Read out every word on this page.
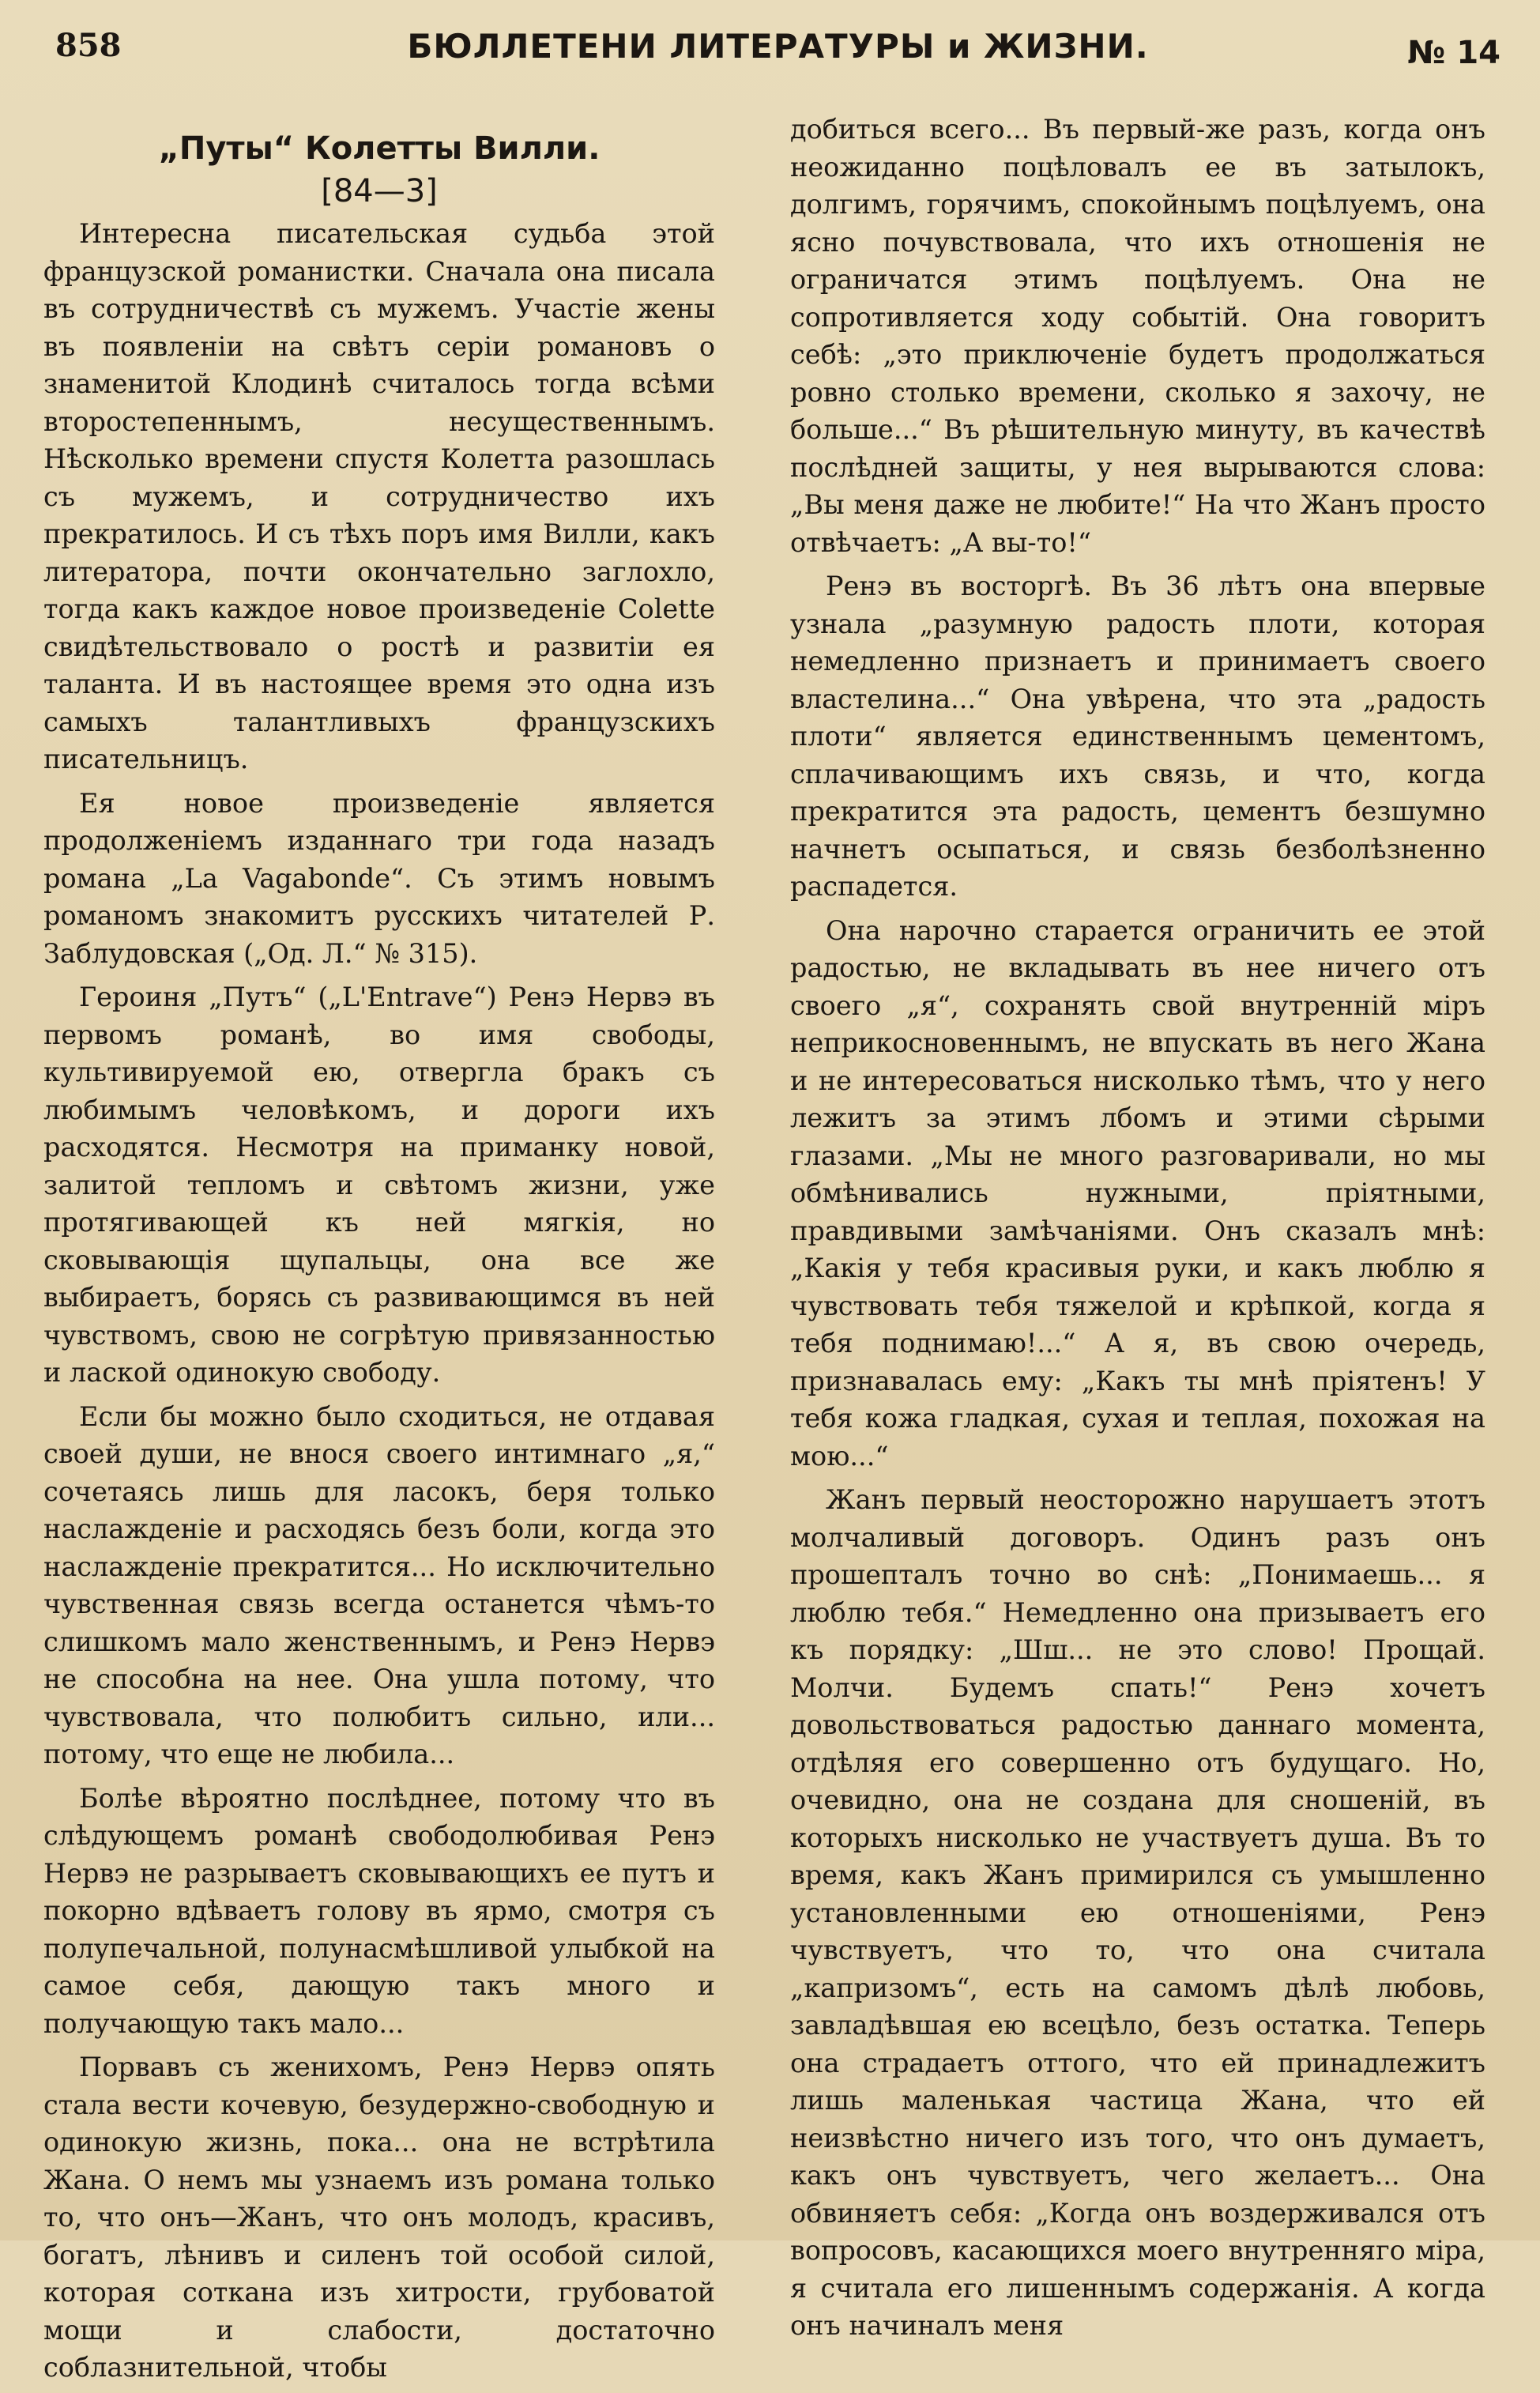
858	БЮЛЛЕТЕНИ ЛИТЕРАТУРЫ и ЖИЗНИ.	№ 14
„Путы“ Колетты Вилли.
[84—3]

Интересна писательская судьба этой французской романистки. Сначала она писала въ сотрудничествѣ съ мужемъ. Участіе жены въ появленіи на свѣтъ серіи романовъ о знаменитой Клодинѣ считалось тогда всѣми второстепеннымъ, несущественнымъ. Нѣсколько времени спустя Колетта разошлась съ мужемъ, и сотрудничество ихъ прекратилось. И съ тѣхъ поръ имя Вилли, какъ литератора, почти окончательно заглохло, тогда какъ каждое новое произведеніе Colette свидѣтельствовало о ростѣ и развитіи ея таланта. И въ настоящее время это одна изъ самыхъ талантливыхъ французскихъ писательницъ.

Ея новое произведеніе является продолженіемъ изданнаго три года назадъ романа „La Vagabonde“. Съ этимъ новымъ романомъ знакомитъ русскихъ читателей Р. Заблудовская („Од. Л.“ № 315).

Героиня „Путъ“ („L'Entrave“) Ренэ Нервэ въ первомъ романѣ, во имя свободы, культивируемой ею, отвергла бракъ съ любимымъ человѣкомъ, и дороги ихъ расходятся. Несмотря на приманку новой, залитой тепломъ и свѣтомъ жизни, уже протягивающей къ ней мягкія, но сковывающія щупальцы, она все же выбираетъ, борясь съ развивающимся въ ней чувствомъ, свою не согрѣтую привязанностью и лаской одинокую свободу.

Если бы можно было сходиться, не отдавая своей души, не внося своего интимнаго „я,“ сочетаясь лишь для ласокъ, беря только наслажденіе и расходясь безъ боли, когда это наслажденіе прекратится... Но исключительно чувственная связь всегда останется чѣмъ-то слишкомъ мало женственнымъ, и Ренэ Нервэ не способна на нее. Она ушла потому, что чувствовала, что полюбитъ сильно, или... потому, что еще не любила...

Болѣе вѣроятно послѣднее, потому что въ слѣдующемъ романѣ свободолюбивая Ренэ Нервэ не разрываетъ сковывающихъ ее путъ и покорно вдѣваетъ голову въ ярмо, смотря съ полупечальной, полунасмѣшливой улыбкой на самое себя, дающую такъ много и получающую такъ мало...

Порвавъ съ женихомъ, Ренэ Нервэ опять стала вести кочевую, безудержно-свободную и одинокую жизнь, пока... она не встрѣтила Жана. О немъ мы узнаемъ изъ романа только то, что онъ—Жанъ, что онъ молодъ, красивъ, богатъ, лѣнивъ и силенъ той особой силой, которая соткана изъ хитрости, грубоватой мощи и слабости, достаточно соблазнительной, чтобы

добиться всего... Въ первый-же разъ, когда онъ неожиданно поцѣловалъ ее въ затылокъ, долгимъ, горячимъ, спокойнымъ поцѣлуемъ, она ясно почувствовала, что ихъ отношенія не ограничатся этимъ поцѣлуемъ. Она не сопротивляется ходу событій. Она говоритъ себѣ: „это приключеніе будетъ продолжаться ровно столько времени, сколько я захочу, не больше...“ Въ рѣшительную минуту, въ качествѣ послѣдней защиты, у нея вырываются слова: „Вы меня даже не любите!“ На что Жанъ просто отвѣчаетъ: „А вы-то!“

Ренэ въ восторгѣ. Въ 36 лѣтъ она впервые узнала „разумную радость плоти, которая немедленно признаетъ и принимаетъ своего властелина...“ Она увѣрена, что эта „радость плоти“ является единственнымъ цементомъ, сплачивающимъ ихъ связь, и что, когда прекратится эта радость, цементъ безшумно начнетъ осыпаться, и связь безболѣзненно распадется.

Она нарочно старается ограничить ее этой радостью, не вкладывать въ нее ничего отъ своего „я“, сохранять свой внутренній міръ неприкосновеннымъ, не впускать въ него Жана и не интересоваться нисколько тѣмъ, что у него лежитъ за этимъ лбомъ и этими сѣрыми глазами. „Мы не много разговаривали, но мы обмѣнивались нужными, пріятными, правдивыми замѣчаніями. Онъ сказалъ мнѣ: „Какія у тебя красивыя руки, и какъ люблю я чувствовать тебя тяжелой и крѣпкой, когда я тебя поднимаю!...“ А я, въ свою очередь, признавалась ему: „Какъ ты мнѣ пріятенъ! У тебя кожа гладкая, сухая и теплая, похожая на мою...“

Жанъ первый неосторожно нарушаетъ этотъ молчаливый договоръ. Одинъ разъ онъ прошепталъ точно во снѣ: „Понимаешь... я люблю тебя.“ Немедленно она призываетъ его къ порядку: „Шш... не это слово! Прощай. Молчи. Будемъ спать!“ Ренэ хочетъ довольствоваться радостью даннаго момента, отдѣляя его совершенно отъ будущаго. Но, очевидно, она не создана для сношеній, въ которыхъ нисколько не участвуетъ душа. Въ то время, какъ Жанъ примирился съ умышленно установленными ею отношеніями, Ренэ чувствуетъ, что то, что она считала „капризомъ“, есть на самомъ дѣлѣ любовь, завладѣвшая ею всецѣло, безъ остатка. Теперь она страдаетъ оттого, что ей принадлежитъ лишь маленькая частица Жана, что ей неизвѣстно ничего изъ того, что онъ думаетъ, какъ онъ чувствуетъ, чего желаетъ... Она обвиняетъ себя: „Когда онъ воздерживался отъ вопросовъ, касающихся моего внутренняго міра, я считала его лишеннымъ содержанія. А когда онъ начиналъ меня
